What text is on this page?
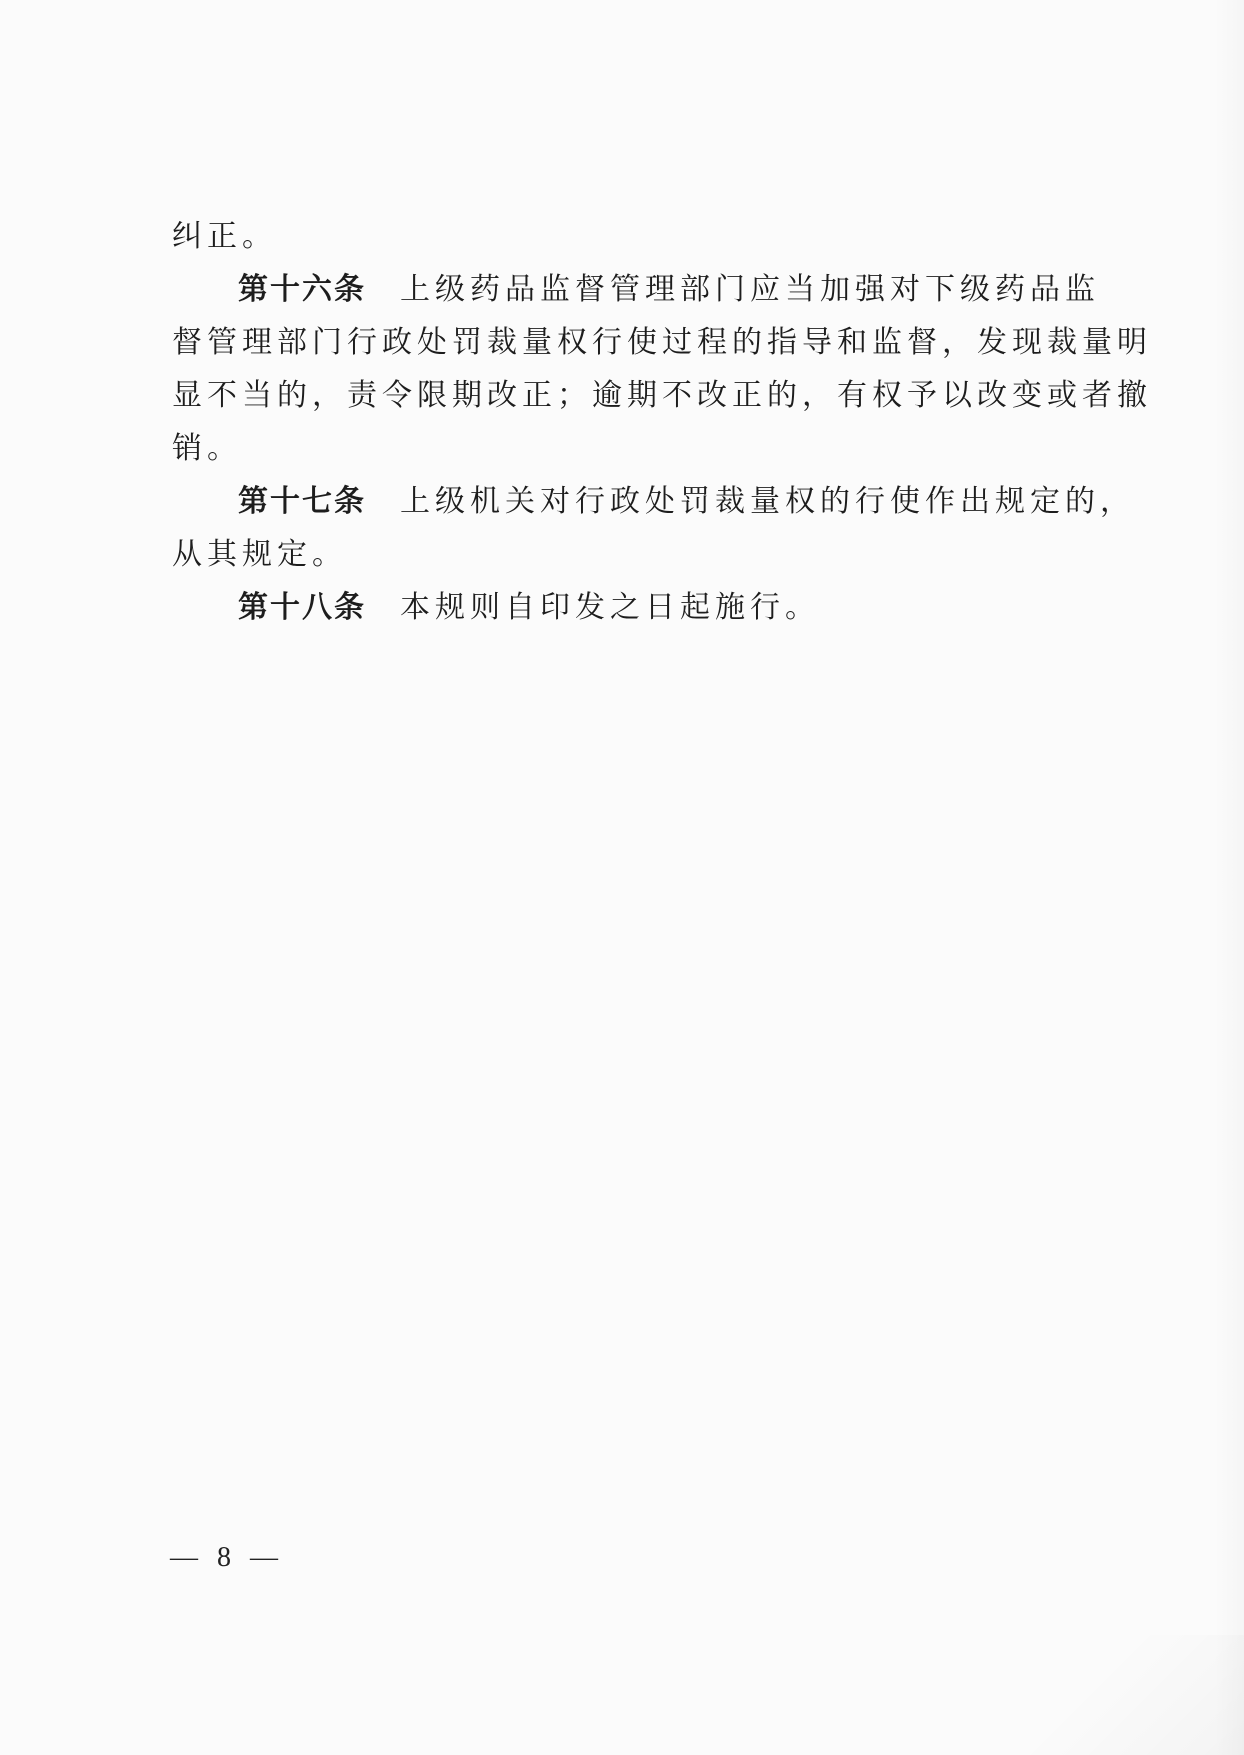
纠正。

第十六条 上级药品监督管理部门应当加强对下级药品监
督管理部门行政处罚裁量权行使过程的指导和监督，发现裁量明
显不当的，责令限期改正；逾期不改正的，有权予以改变或者撤
销。
第十七条 上级机关对行政处罚裁量权的行使作出规定的，
从其规定。
第十八条 本规则自印发之日起施行。
— 8 —
